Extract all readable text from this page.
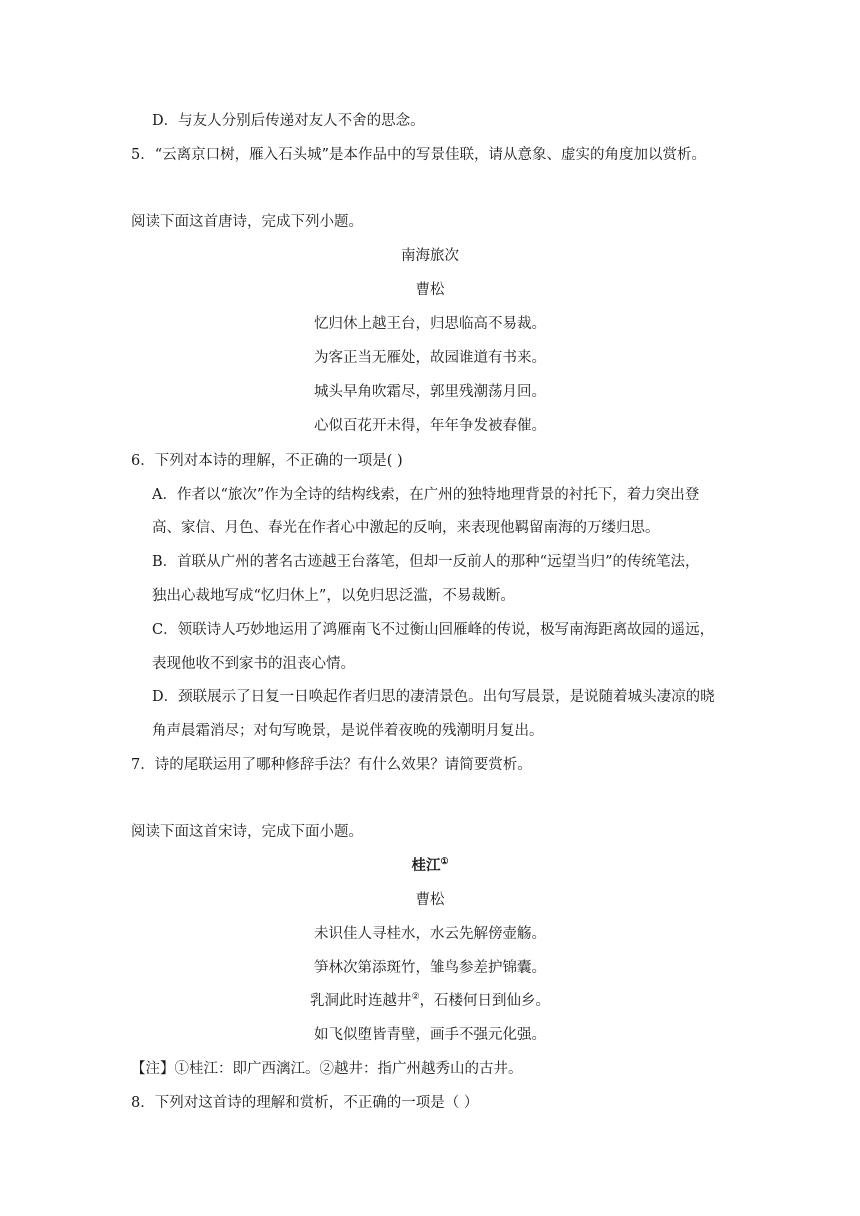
D．与友人分别后传递对友人不舍的思念。
5．“云离京口树，雁入石头城”是本作品中的写景佳联，请从意象、虚实的角度加以赏析。
阅读下面这首唐诗，完成下列小题。
南海旅次
曹松
忆归休上越王台，归思临高不易裁。
为客正当无雁处，故园谁道有书来。
城头早角吹霜尽，郭里残潮荡月回。
心似百花开未得，年年争发被春催。
6．下列对本诗的理解，不正确的一项是( )
A．作者以“旅次”作为全诗的结构线索，在广州的独特地理背景的衬托下，着力突出登
高、家信、月色、春光在作者心中激起的反响，来表现他羁留南海的万缕归思。
B．首联从广州的著名古迹越王台落笔，但却一反前人的那种“远望当归”的传统笔法，
独出心裁地写成“忆归休上”，以免归思泛滥，不易裁断。
C．领联诗人巧妙地运用了鸿雁南飞不过衡山回雁峰的传说，极写南海距离故园的遥远，
表现他收不到家书的沮丧心情。
D．颈联展示了日复一日唤起作者归思的凄清景色。出句写晨景，是说随着城头凄凉的晓
角声晨霜消尽；对句写晚景，是说伴着夜晚的残潮明月复出。
7．诗的尾联运用了哪种修辞手法？有什么效果？请简要赏析。
阅读下面这首宋诗，完成下面小题。
桂江①
曹松
未识佳人寻桂水，水云先解傍壶觞。
笋林次第添斑竹，雏鸟参差护锦囊。
乳洞此时连越井②，石楼何日到仙乡。
如飞似堕皆青壁，画手不强元化强。
【注】①桂江：即广西漓江。②越井：指广州越秀山的古井。
8．下列对这首诗的理解和赏析，不正确的一项是（ ）
